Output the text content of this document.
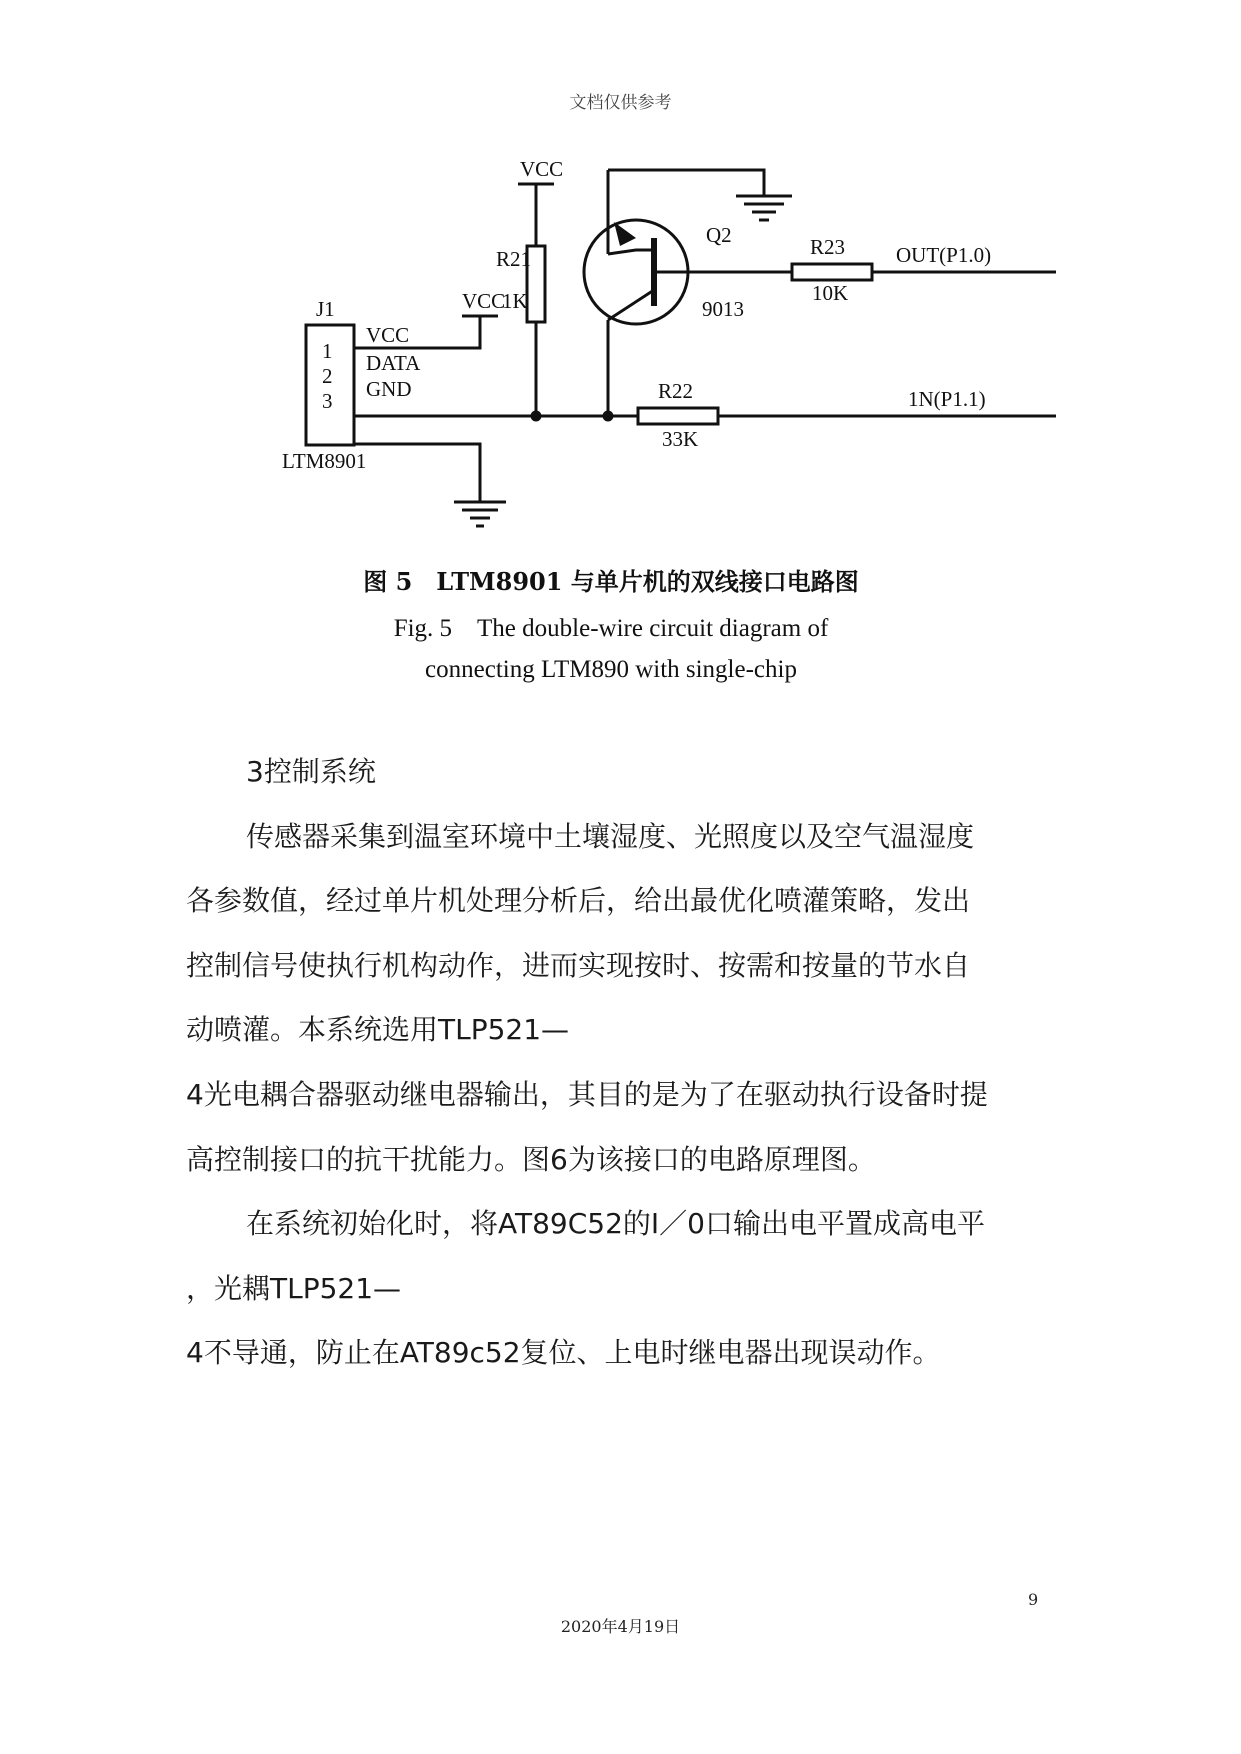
文档仅供参考
VCC
VCC
J1
VCC
DATA
GND
1
2
3
LTM8901
R21
1K
Q2
9013
R23
10K
OUT(P1.0)
R22
33K
1N(P1.1)
图 5　LTM8901 与单片机的双线接口电路图
Fig. 5　The double-wire circuit diagram of
connecting LTM890 with single-chip

3控制系统

传感器采集到温室环境中土壤湿度、光照度以及空气温湿度

各参数值，经过单片机处理分析后，给出最优化喷灌策略，发出

控制信号使执行机构动作，进而实现按时、按需和按量的节水自

动喷灌。本系统选用TLP521—

4光电耦合器驱动继电器输出，其目的是为了在驱动执行设备时提

高控制接口的抗干扰能力。图6为该接口的电路原理图。

在系统初始化时，将AT89C52的I／0口输出电平置成高电平

，光耦TLP521—

4不导通，防止在AT89c52复位、上电时继电器出现误动作。

9
2020年4月19日
